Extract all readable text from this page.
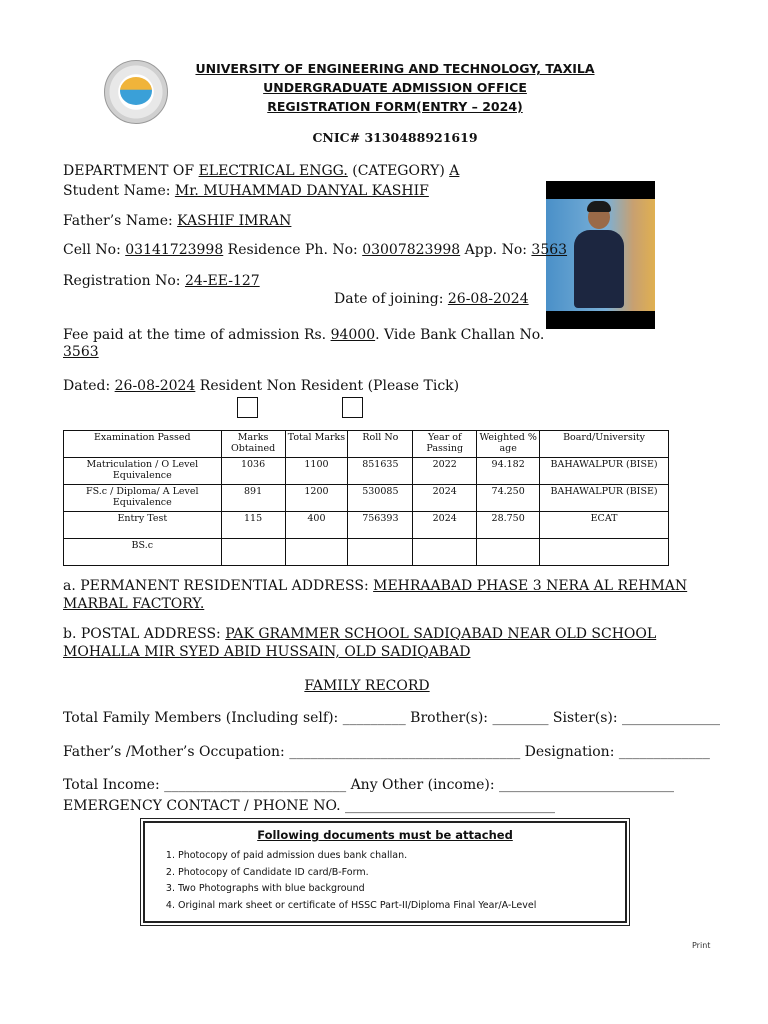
UNIVERSITY OF ENGINEERING AND TECHNOLOGY, TAXILA
UNDERGRADUATE ADMISSION OFFICE
REGISTRATION FORM(ENTRY – 2024)
CNIC# 3130488921619
DEPARTMENT OF ELECTRICAL ENGG. (CATEGORY) A
Student Name: Mr. MUHAMMAD DANYAL KASHIF
Father’s Name: KASHIF IMRAN
Cell No: 03141723998 Residence Ph. No: 03007823998 App. No: 3563
Registration No: 24-EE-127
Date of joining: 26-08-2024
Fee paid at the time of admission Rs. 94000. Vide Bank Challan No.
3563
Dated: 26-08-2024 Resident Non Resident (Please Tick)
Examination Passed	Marks Obtained	Total Marks	Roll No	Year of Passing	Weighted % age	Board/University
Matriculation / O Level Equivalence	1036	1100	851635	2022	94.182	BAHAWALPUR (BISE)
FS.c / Diploma/ A Level Equivalence	891	1200	530085	2024	74.250	BAHAWALPUR (BISE)
Entry Test	115	400	756393	2024	28.750	ECAT
BS.c						
a. PERMANENT RESIDENTIAL ADDRESS: MEHRAABAD PHASE 3 NERA AL REHMAN
MARBAL FACTORY.
b. POSTAL ADDRESS: PAK GRAMMER SCHOOL SADIQABAD NEAR OLD SCHOOL
MOHALLA MIR SYED ABID HUSSAIN, OLD SADIQABAD
FAMILY RECORD
Total Family Members (Including self): _________ Brother(s): ________ Sister(s): ______________
Father’s /Mother’s Occupation: _________________________________ Designation: _____________
Total Income: __________________________ Any Other (income): _________________________
EMERGENCY CONTACT / PHONE NO. ______________________________
Following documents must be attached
1. Photocopy of paid admission dues bank challan.
2. Photocopy of Candidate ID card/B-Form.
3. Two Photographs with blue background
4. Original mark sheet or certificate of HSSC Part-II/Diploma Final Year/A-Level
Print
